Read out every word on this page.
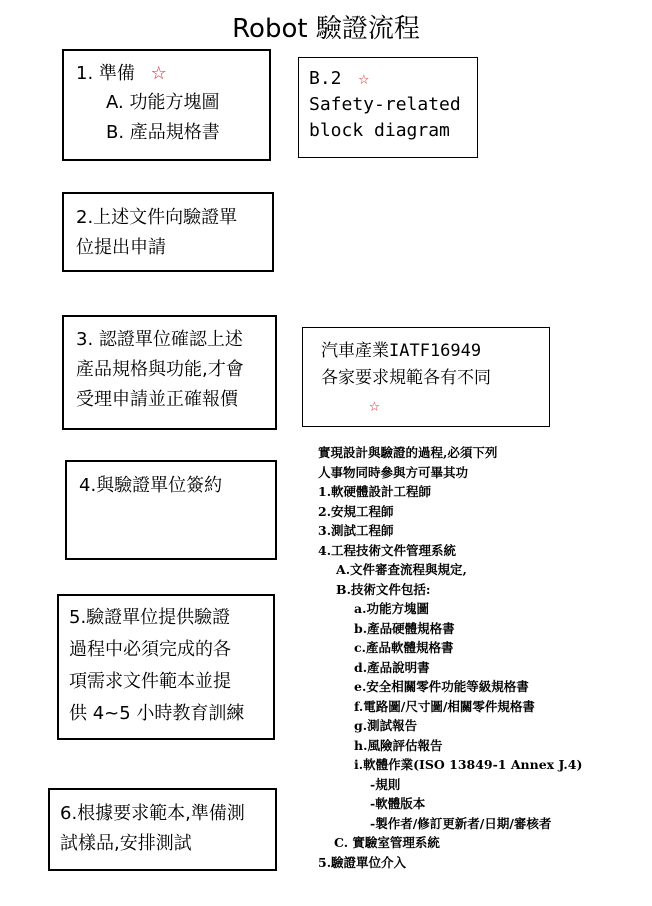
Robot 驗證流程
1. 準備 ☆
A. 功能方塊圖
B. 產品規格書
B.2 ☆
Safety-related
block diagram
2.上述文件向驗證單
位提出申請
3. 認證單位確認上述
產品規格與功能,才會
受理申請並正確報價
汽車產業IATF16949
各家要求規範各有不同
☆
4.與驗證單位簽約
5.驗證單位提供驗證
過程中必須完成的各
項需求文件範本並提
供 4~5 小時教育訓練
6.根據要求範本,準備測
試樣品,安排測試
實現設計與驗證的過程,必須下列
人事物同時參與方可畢其功
1.軟硬體設計工程師
2.安規工程師
3.測試工程師
4.工程技術文件管理系統
A.文件審查流程與規定,
B.技術文件包括:
a.功能方塊圖
b.產品硬體規格書
c.產品軟體規格書
d.產品說明書
e.安全相關零件功能等級規格書
f.電路圖/尺寸圖/相關零件規格書
g.測試報告
h.風險評估報告
i.軟體作業(ISO 13849-1 Annex J.4)
-規則
-軟體版本
-製作者/修訂更新者/日期/審核者
C. 實驗室管理系統
5.驗證單位介入
